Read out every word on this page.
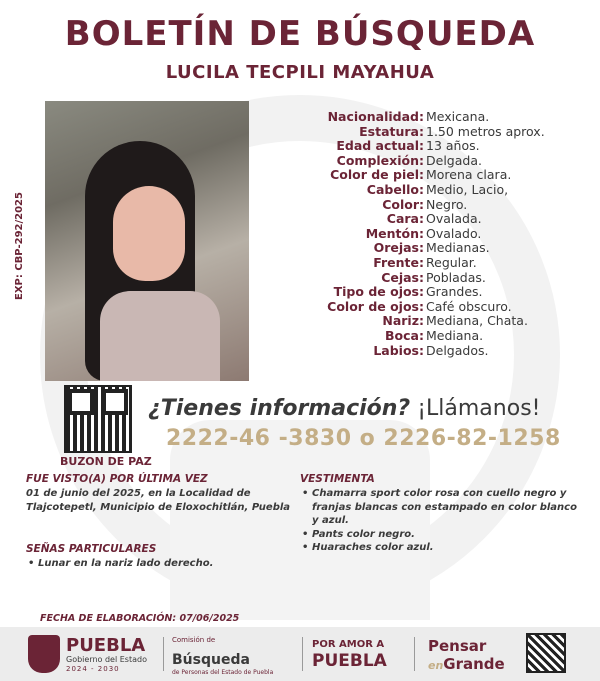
BOLETÍN DE BÚSQUEDA
LUCILA TECPILI MAYAHUA
EXP: CBP-292/2025
Nacionalidad: Mexicana.
Estatura: 1.50 metros aprox.
Edad actual: 13 años.
Complexión: Delgada.
Color de piel: Morena clara.
Cabello: Medio, Lacio,
Color: Negro.
Cara: Ovalada.
Mentón: Ovalado.
Orejas: Medianas.
Frente: Regular.
Cejas: Pobladas.
Tipo de ojos: Grandes.
Color de ojos: Café obscuro.
Nariz: Mediana, Chata.
Boca: Mediana.
Labios: Delgados.
BUZON DE PAZ
¿Tienes información? ¡Llámanos!
2222-46 -3830 o 2226-82-1258
FUE VISTO(A) POR ÚLTIMA VEZ

01 de junio del 2025, en la Localidad de Tlajcotepetl, Municipio de Eloxochitlán, Puebla

SEÑAS PARTICULARES
• Lunar en la nariz lado derecho.
VESTIMENTA
• Chamarra sport color rosa con cuello negro y franjas blancas con estampado en color blanco y azul.
• Pants color negro.
• Huaraches color azul.
FECHA DE ELABORACIÓN: 07/06/2025
PUEBLA
Gobierno del Estado
2024 - 2030
Comisión de
Búsqueda
de Personas del Estado de Puebla
POR AMOR A
PUEBLA
Pensar
enGrande
